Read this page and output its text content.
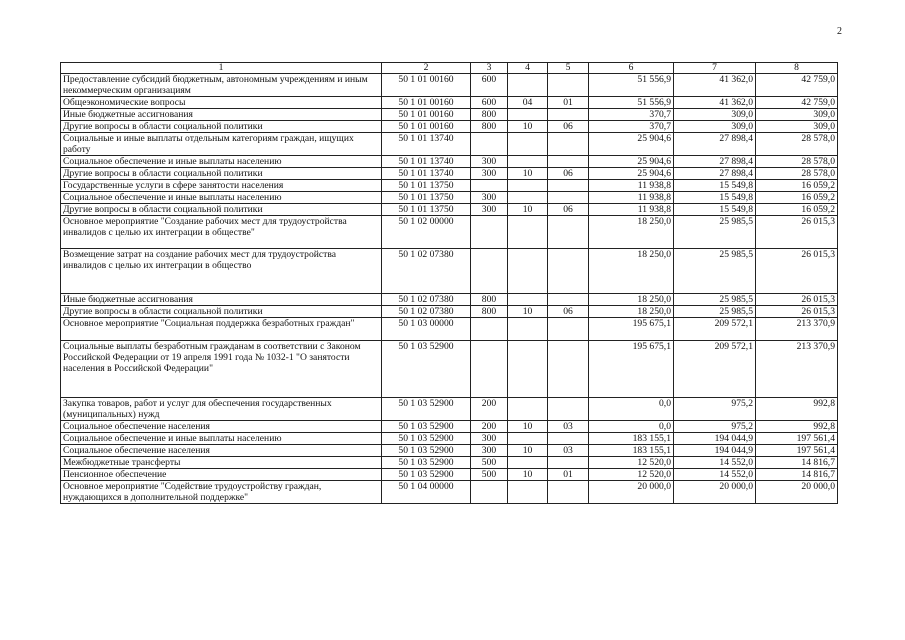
2
1	2	3	4	5	6	7	8
Предоставление субсидий бюджетным, автономным учреждениям и иным некоммерческим организациям	50 1 01 00160	600			51 556,9	41 362,0	42 759,0
Общеэкономические вопросы	50 1 01 00160	600	04	01	51 556,9	41 362,0	42 759,0
Иные бюджетные ассигнования	50 1 01 00160	800			370,7	309,0	309,0
Другие вопросы в области социальной политики	50 1 01 00160	800	10	06	370,7	309,0	309,0
Социальные и иные выплаты отдельным категориям граждан, ищущих работу	50 1 01 13740				25 904,6	27 898,4	28 578,0
Социальное обеспечение и иные выплаты населению	50 1 01 13740	300			25 904,6	27 898,4	28 578,0
Другие вопросы в области социальной политики	50 1 01 13740	300	10	06	25 904,6	27 898,4	28 578,0
Государственные услуги в сфере занятости населения	50 1 01 13750				11 938,8	15 549,8	16 059,2
Социальное обеспечение и иные выплаты населению	50 1 01 13750	300			11 938,8	15 549,8	16 059,2
Другие вопросы в области социальной политики	50 1 01 13750	300	10	06	11 938,8	15 549,8	16 059,2
Основное мероприятие "Создание рабочих мест для трудоустройства инвалидов с целью их интеграции в обществе"	50 1 02 00000				18 250,0	25 985,5	26 015,3
Возмещение затрат на создание рабочих мест для трудоустройства инвалидов с целью их интеграции в общество	50 1 02 07380				18 250,0	25 985,5	26 015,3
Иные бюджетные ассигнования	50 1 02 07380	800			18 250,0	25 985,5	26 015,3
Другие вопросы в области социальной политики	50 1 02 07380	800	10	06	18 250,0	25 985,5	26 015,3
Основное мероприятие "Социальная поддержка безработных граждан"	50 1 03 00000				195 675,1	209 572,1	213 370,9
Социальные выплаты безработным гражданам в соответствии с Законом Российской Федерации от 19 апреля 1991 года № 1032-1 "О занятости населения в Российской Федерации"	50 1 03 52900				195 675,1	209 572,1	213 370,9
Закупка товаров, работ и услуг для обеспечения государственных (муниципальных) нужд	50 1 03 52900	200			0,0	975,2	992,8
Социальное обеспечение населения	50 1 03 52900	200	10	03	0,0	975,2	992,8
Социальное обеспечение и иные выплаты населению	50 1 03 52900	300			183 155,1	194 044,9	197 561,4
Социальное обеспечение населения	50 1 03 52900	300	10	03	183 155,1	194 044,9	197 561,4
Межбюджетные трансферты	50 1 03 52900	500			12 520,0	14 552,0	14 816,7
Пенсионное обеспечение	50 1 03 52900	500	10	01	12 520,0	14 552,0	14 816,7
Основное мероприятие "Содействие трудоустройству граждан, нуждающихся в дополнительной поддержке"	50 1 04 00000				20 000,0	20 000,0	20 000,0
